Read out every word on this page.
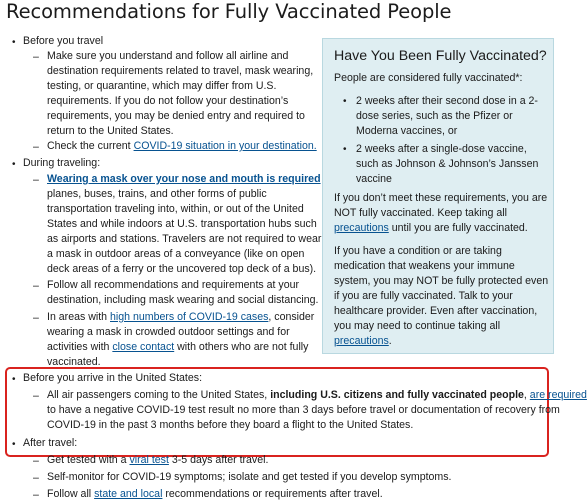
Recommendations for Fully Vaccinated People
• Before you travel
– Make sure you understand and follow all airline and
destination requirements related to travel, mask wearing,
testing, or quarantine, which may differ from U.S.
requirements. If you do not follow your destination’s
requirements, you may be denied entry and required to
return to the United States.
– Check the current COVID-19 situation in your destination.
• During traveling:
– Wearing a mask over your nose and mouth is required
planes, buses, trains, and other forms of public
transportation traveling into, within, or out of the United
States and while indoors at U.S. transportation hubs such
as airports and stations. Travelers are not required to wear
a mask in outdoor areas of a conveyance (like on open
deck areas of a ferry or the uncovered top deck of a bus).
– Follow all recommendations and requirements at your
destination, including mask wearing and social distancing.
– In areas with high numbers of COVID-19 cases, consider
wearing a mask in crowded outdoor settings and for
activities with close contact with others who are not fully
vaccinated.
• Before you arrive in the United States:
– All air passengers coming to the United States, including U.S. citizens and fully vaccinated people, are required
to have a negative COVID-19 test result no more than 3 days before travel or documentation of recovery from
COVID-19 in the past 3 months before they board a flight to the United States.
• After travel:
– Get tested with a viral test 3-5 days after travel.
– Self-monitor for COVID-19 symptoms; isolate and get tested if you develop symptoms.
– Follow all state and local recommendations or requirements after travel.
Have You Been Fully Vaccinated?
People are considered fully vaccinated*:
• 2 weeks after their second dose in a 2-
dose series, such as the Pfizer or
Moderna vaccines, or
• 2 weeks after a single-dose vaccine,
such as Johnson & Johnson’s Janssen
vaccine
If you don’t meet these requirements, you are
NOT fully vaccinated. Keep taking all
precautions until you are fully vaccinated.
If you have a condition or are taking
medication that weakens your immune
system, you may NOT be fully protected even
if you are fully vaccinated. Talk to your
healthcare provider. Even after vaccination,
you may need to continue taking all
precautions.
